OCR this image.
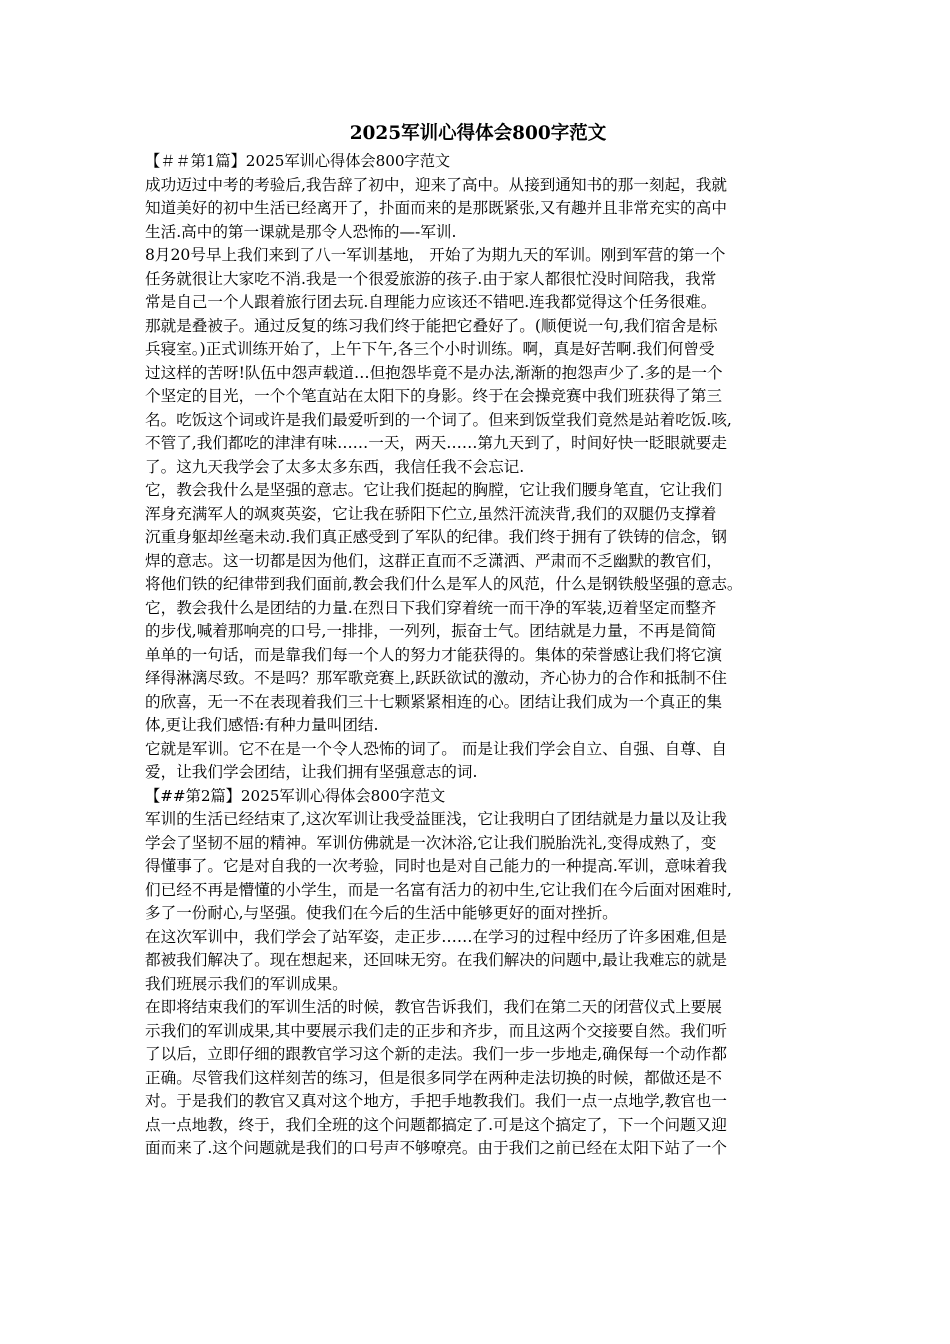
2025军训心得体会800字范文
【＃＃第1篇】2025军训心得体会800字范文
成功迈过中考的考验后,我告辞了初中，迎来了高中。从接到通知书的那一刻起，我就
知道美好的初中生活已经离开了，扑面而来的是那既紧张,又有趣并且非常充实的高中
生活.高中的第一课就是那令人恐怖的—-军训.
8月20号早上我们来到了八一军训基地， 开始了为期九天的军训。刚到军营的第一个
任务就很让大家吃不消.我是一个很爱旅游的孩子.由于家人都很忙没时间陪我，我常
常是自己一个人跟着旅行团去玩.自理能力应该还不错吧.连我都觉得这个任务很难。
那就是叠被子。通过反复的练习我们终于能把它叠好了。(顺便说一句,我们宿舍是标
兵寝室。)正式训练开始了，上午下午,各三个小时训练。啊，真是好苦啊.我们何曾受
过这样的苦呀!队伍中怨声载道…但抱怨毕竟不是办法,渐渐的抱怨声少了.多的是一个
个坚定的目光，一个个笔直站在太阳下的身影。终于在会操竞赛中我们班获得了第三
名。吃饭这个词或许是我们最爱听到的一个词了。但来到饭堂我们竟然是站着吃饭.咳,
不管了,我们都吃的津津有味……一天，两天……第九天到了，时间好快一眨眼就要走
了。这九天我学会了太多太多东西，我信任我不会忘记.
它，教会我什么是坚强的意志。它让我们挺起的胸膛，它让我们腰身笔直，它让我们
浑身充满军人的飒爽英姿，它让我在骄阳下伫立,虽然汗流浃背,我们的双腿仍支撑着
沉重身躯却丝毫未动.我们真正感受到了军队的纪律。我们终于拥有了铁铸的信念，钢
焊的意志。这一切都是因为他们，这群正直而不乏潇洒、严肃而不乏幽默的教官们，
将他们铁的纪律带到我们面前,教会我们什么是军人的风范，什么是钢铁般坚强的意志。
它，教会我什么是团结的力量.在烈日下我们穿着统一而干净的军装,迈着坚定而整齐
的步伐,喊着那响亮的口号,一排排，一列列，振奋士气。团结就是力量，不再是简简
单单的一句话，而是靠我们每一个人的努力才能获得的。集体的荣誉感让我们将它演
绎得淋漓尽致。不是吗？那军歌竞赛上,跃跃欲试的激动，齐心协力的合作和抵制不住
的欣喜，无一不在表现着我们三十七颗紧紧相连的心。团结让我们成为一个真正的集
体,更让我们感悟:有种力量叫团结.
它就是军训。它不在是一个令人恐怖的词了。 而是让我们学会自立、自强、自尊、自
爱，让我们学会团结，让我们拥有坚强意志的词.
【##第2篇】2025军训心得体会800字范文
军训的生活已经结束了,这次军训让我受益匪浅，它让我明白了团结就是力量以及让我
学会了坚韧不屈的精神。军训仿佛就是一次沐浴,它让我们脱胎洗礼,变得成熟了，变
得懂事了。它是对自我的一次考验，同时也是对自己能力的一种提高.军训，意味着我
们已经不再是懵懂的小学生，而是一名富有活力的初中生,它让我们在今后面对困难时,
多了一份耐心,与坚强。使我们在今后的生活中能够更好的面对挫折。
在这次军训中，我们学会了站军姿，走正步……在学习的过程中经历了许多困难,但是
都被我们解决了。现在想起来，还回味无穷。在我们解决的问题中,最让我难忘的就是
我们班展示我们的军训成果。
在即将结束我们的军训生活的时候，教官告诉我们，我们在第二天的闭营仪式上要展
示我们的军训成果,其中要展示我们走的正步和齐步，而且这两个交接要自然。我们听
了以后，立即仔细的跟教官学习这个新的走法。我们一步一步地走,确保每一个动作都
正确。尽管我们这样刻苦的练习，但是很多同学在两种走法切换的时候，都做还是不
对。于是我们的教官又真对这个地方，手把手地教我们。我们一点一点地学,教官也一
点一点地教，终于，我们全班的这个问题都搞定了.可是这个搞定了，下一个问题又迎
面而来了.这个问题就是我们的口号声不够嘹亮。由于我们之前已经在太阳下站了一个
